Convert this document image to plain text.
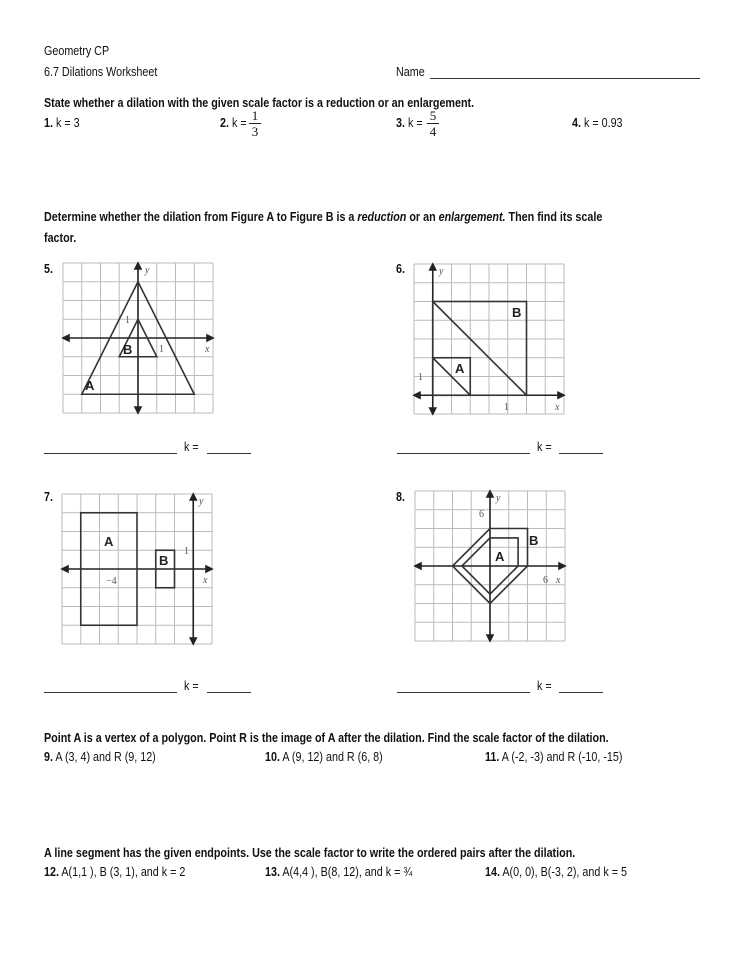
Geometry CP
6.7 Dilations Worksheet	Name
State whether a dilation with the given scale factor is a reduction or an enlargement.
1. k = 3	2. $k = \frac{1}{3}$	3. $k = \frac{5}{4}$	4. k = 0.93
Determine whether the dilation from Figure A to Figure B is a reduction or an enlargement. Then find its scale
factor.
5.
1
1	x
y
A
B
k =
6.
1
1	x
y
A
B
k =
7.
1
−4	x
y
A
B
k =
8.
6
6 x
y
A
B
k =
Point A is a vertex of a polygon. Point R is the image of A after the dilation. Find the scale factor of the dilation.
9. A (3, 4) and R (9, 12)	10. A (9, 12) and R (6, 8)	11. A (-2, -3) and R (-10, -15)
A line segment has the given endpoints. Use the scale factor to write the ordered pairs after the dilation.
12. A(1,1 ), B (3, 1), and k = 2	13. A(4,4 ), B(8, 12), and k = ¾	14. A(0, 0), B(-3, 2), and k = 5
